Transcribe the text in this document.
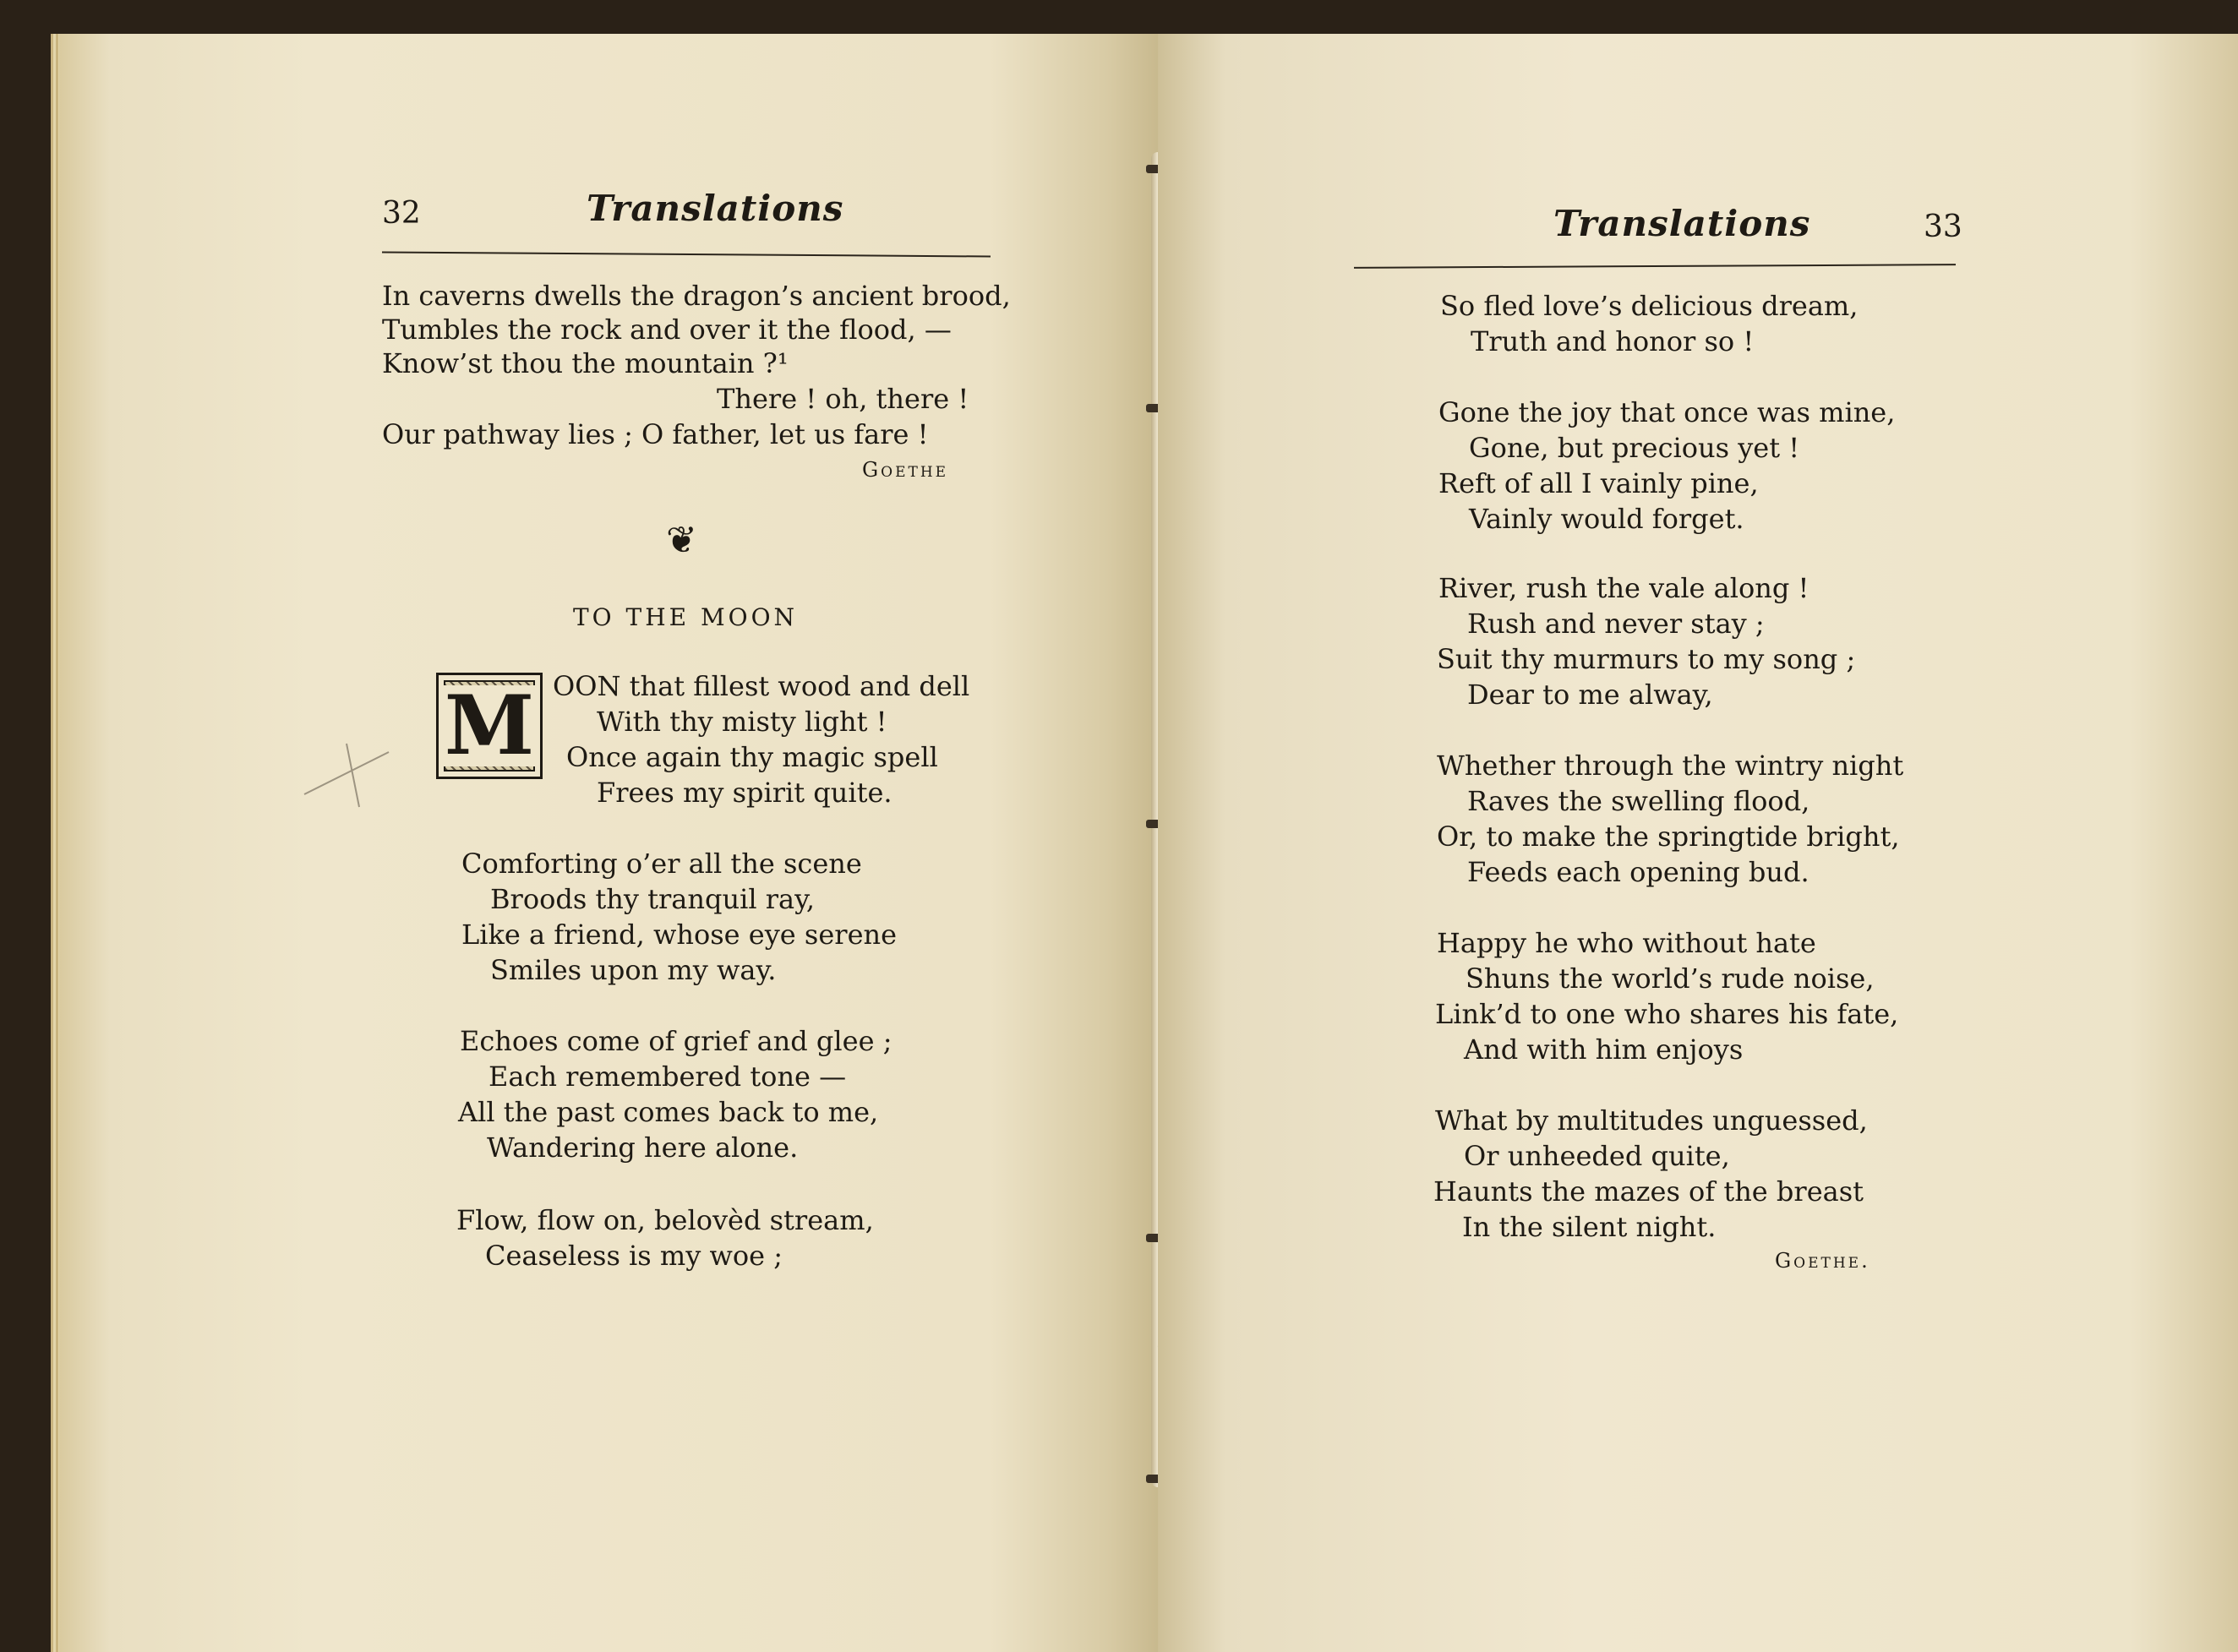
32	Translations
In caverns dwells the dragon’s ancient brood,
Tumbles the rock and over it the flood, —
Know’st thou the mountain ?¹
There ! oh, there !
Our pathway lies ; O father, let us fare !
Goethe
❦
TO THE MOON
M OON that fillest wood and dell
With thy misty light !
Once again thy magic spell
Frees my spirit quite.
Comforting o’er all the scene
Broods thy tranquil ray,
Like a friend, whose eye serene
Smiles upon my way.
Echoes come of grief and glee ;
Each remembered tone —
All the past comes back to me,
Wandering here alone.
Flow, flow on, belovèd stream,
Ceaseless is my woe ;
Translations	33
So fled love’s delicious dream,
Truth and honor so !
Gone the joy that once was mine,
Gone, but precious yet !
Reft of all I vainly pine,
Vainly would forget.
River, rush the vale along !
Rush and never stay ;
Suit thy murmurs to my song ;
Dear to me alway,
Whether through the wintry night
Raves the swelling flood,
Or, to make the springtide bright,
Feeds each opening bud.
Happy he who without hate
Shuns the world’s rude noise,
Link’d to one who shares his fate,
And with him enjoys
What by multitudes unguessed,
Or unheeded quite,
Haunts the mazes of the breast
In the silent night.
Goethe.
